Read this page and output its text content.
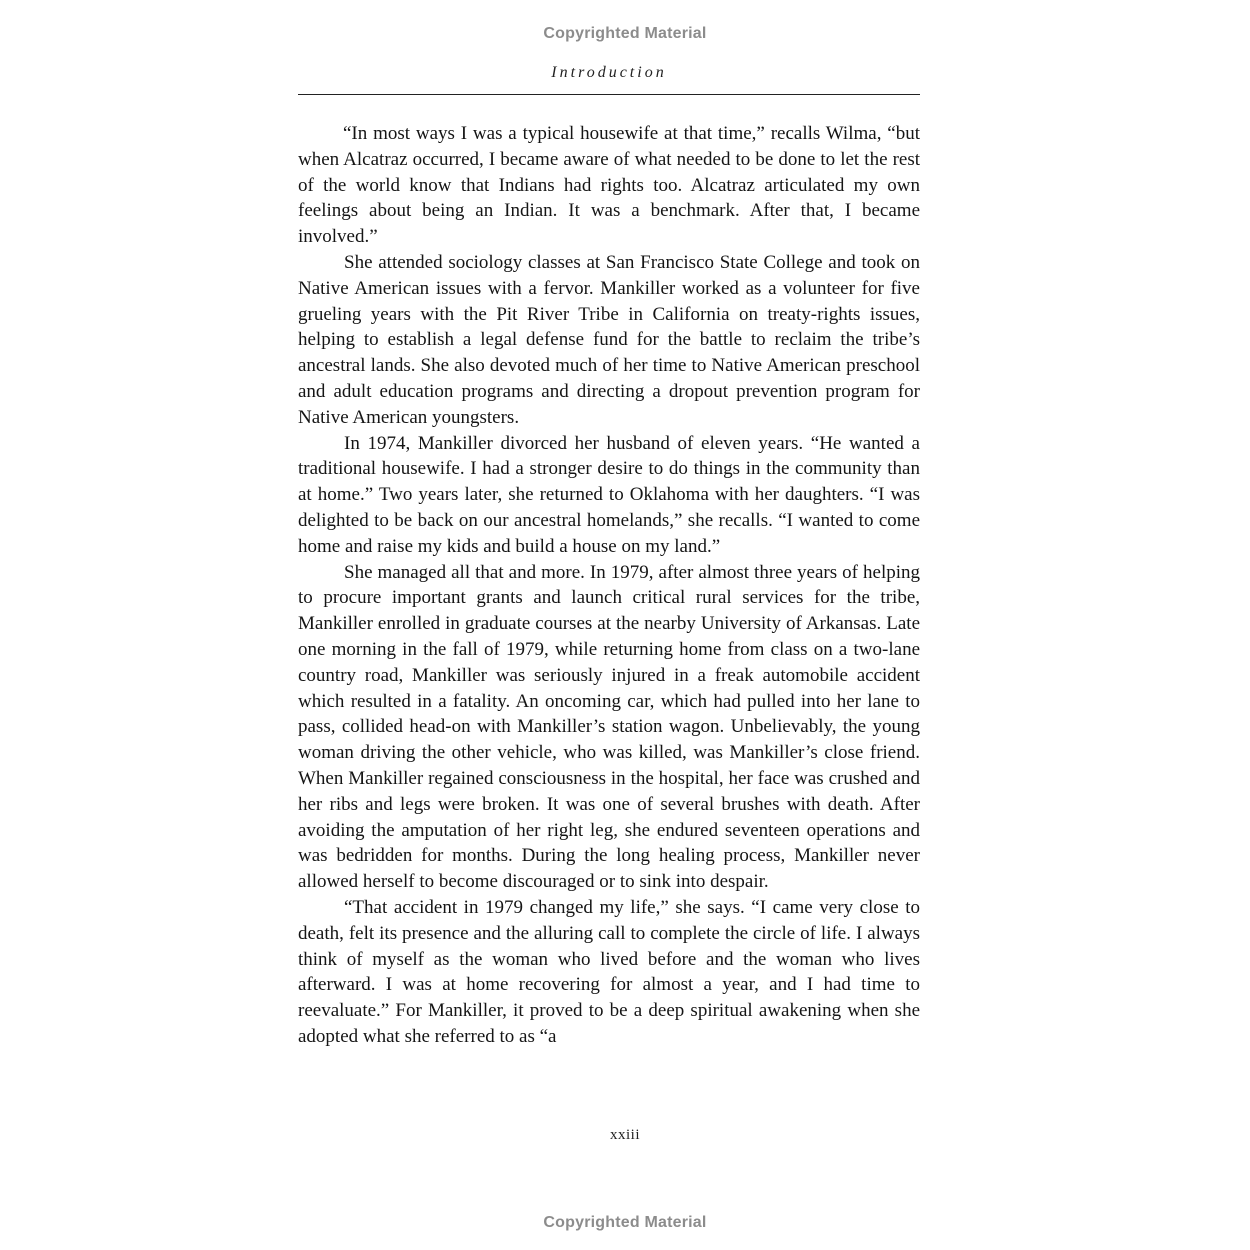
Copyrighted Material
Introduction

“In most ways I was a typical housewife at that time,” recalls Wilma, “but when Alcatraz occurred, I became aware of what needed to be done to let the rest of the world know that Indians had rights too. Alcatraz articulated my own feelings about being an Indian. It was a benchmark. After that, I became involved.”

She attended sociology classes at San Francisco State College and took on Native American issues with a fervor. Mankiller worked as a volunteer for five grueling years with the Pit River Tribe in California on treaty-rights issues, helping to establish a legal defense fund for the battle to reclaim the tribe’s ancestral lands. She also devoted much of her time to Native American preschool and adult education programs and directing a dropout prevention program for Native American youngsters.

In 1974, Mankiller divorced her husband of eleven years. “He wanted a traditional housewife. I had a stronger desire to do things in the community than at home.” Two years later, she returned to Oklahoma with her daughters. “I was delighted to be back on our ancestral homelands,” she recalls. “I wanted to come home and raise my kids and build a house on my land.”

She managed all that and more. In 1979, after almost three years of helping to procure important grants and launch critical rural services for the tribe, Mankiller enrolled in graduate courses at the nearby University of Arkansas. Late one morning in the fall of 1979, while returning home from class on a two-lane country road, Mankiller was seriously injured in a freak automobile accident which resulted in a fatality. An oncoming car, which had pulled into her lane to pass, collided head-on with Mankiller’s station wagon. Unbelievably, the young woman driving the other vehicle, who was killed, was Mankiller’s close friend. When Mankiller regained consciousness in the hospital, her face was crushed and her ribs and legs were broken. It was one of several brushes with death. After avoiding the amputation of her right leg, she endured seventeen operations and was bedridden for months. During the long healing process, Mankiller never allowed herself to become discouraged or to sink into despair.

“That accident in 1979 changed my life,” she says. “I came very close to death, felt its presence and the alluring call to complete the circle of life. I always think of myself as the woman who lived before and the woman who lives afterward. I was at home recovering for almost a year, and I had time to reevaluate.” For Mankiller, it proved to be a deep spiritual awakening when she adopted what she referred to as “a

xxiii
Copyrighted Material
